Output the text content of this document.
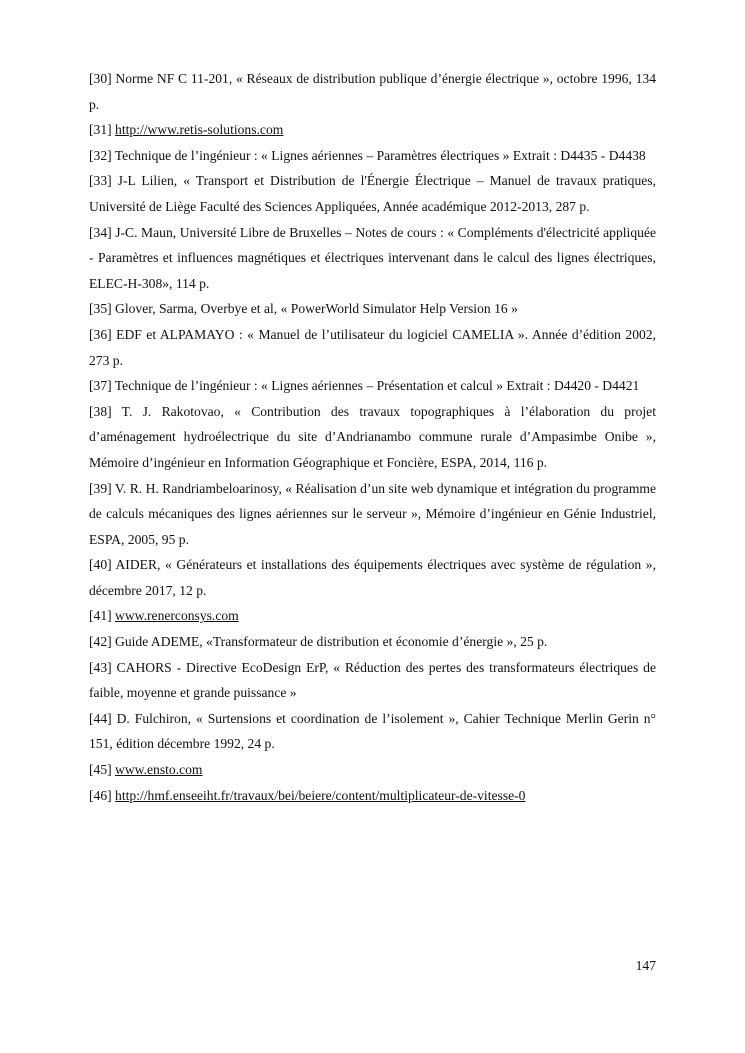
[30] Norme NF C 11-201, « Réseaux de distribution publique d’énergie électrique », octobre 1996, 134 p.

[31] http://www.retis-solutions.com

[32] Technique de l’ingénieur : « Lignes aériennes – Paramètres électriques » Extrait : D4435 - D4438

[33] J-L Lilien, « Transport et Distribution de l'Énergie Électrique – Manuel de travaux pratiques, Université de Liège Faculté des Sciences Appliquées, Année académique 2012-2013, 287 p.

[34] J-C. Maun, Université Libre de Bruxelles – Notes de cours : « Compléments d'électricité appliquée - Paramètres et influences magnétiques et électriques intervenant dans le calcul des lignes électriques, ELEC-H-308», 114 p.

[35] Glover, Sarma, Overbye et al, « PowerWorld Simulator Help Version 16 »

[36] EDF et ALPAMAYO : « Manuel de l’utilisateur du logiciel CAMELIA ». Année d’édition 2002, 273 p.

[37] Technique de l’ingénieur : « Lignes aériennes – Présentation et calcul » Extrait : D4420 - D4421

[38] T. J. Rakotovao, « Contribution des travaux topographiques à l’élaboration du projet d’aménagement hydroélectrique du site d’Andrianambo commune rurale d’Ampasimbe Onibe », Mémoire d’ingénieur en Information Géographique et Foncière, ESPA, 2014, 116 p.

[39] V. R. H. Randriambeloarinosy, « Réalisation d’un site web dynamique et intégration du programme de calculs mécaniques des lignes aériennes sur le serveur », Mémoire d’ingénieur en Génie Industriel, ESPA, 2005, 95 p.

[40] AIDER, « Générateurs et installations des équipements électriques avec système de régulation », décembre 2017, 12 p.

[41] www.renerconsys.com

[42] Guide ADEME, «Transformateur de distribution et économie d’énergie », 25 p.

[43] CAHORS - Directive EcoDesign ErP, « Réduction des pertes des transformateurs électriques de faible, moyenne et grande puissance »

[44] D. Fulchiron, « Surtensions et coordination de l’isolement », Cahier Technique Merlin Gerin n° 151, édition décembre 1992, 24 p.

[45] www.ensto.com

[46] http://hmf.enseeiht.fr/travaux/bei/beiere/content/multiplicateur-de-vitesse-0

147
